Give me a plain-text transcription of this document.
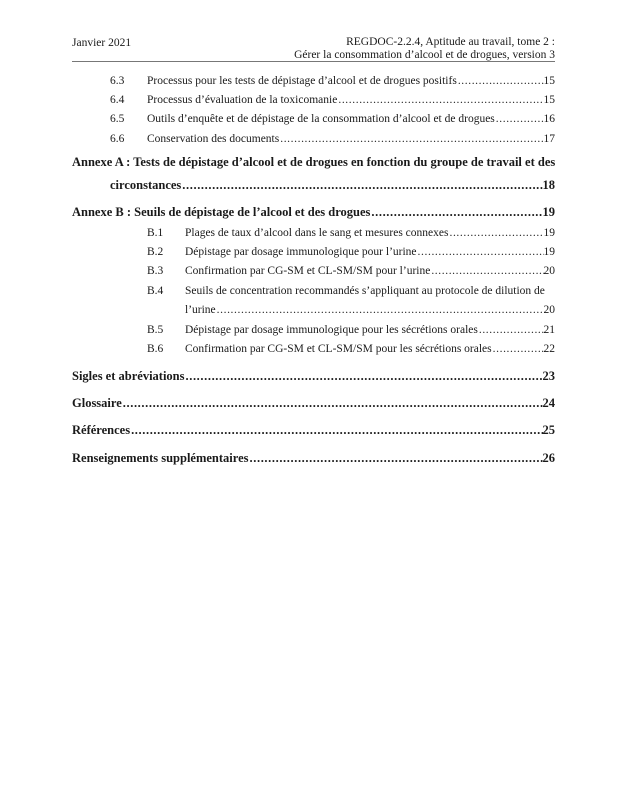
Janvier 2021	REGDOC-2.2.4, Aptitude au travail, tome 2 :
Gérer la consommation d’alcool et de drogues, version 3
6.3 Processus pour les tests de dépistage d’alcool et de drogues positifs .....	15
6.4 Processus d’évaluation de la toxicomanie .....	15
6.5 Outils d’enquête et de dépistage de la consommation d’alcool et de drogues .....	16
6.6 Conservation des documents .....	17
Annexe A : Tests de dépistage d’alcool et de drogues en fonction du groupe de travail et des
circonstances .....	18
Annexe B : Seuils de dépistage de l’alcool et des drogues .....	19
B.1 Plages de taux d’alcool dans le sang et mesures connexes .....	19
B.2 Dépistage par dosage immunologique pour l’urine .....	19
B.3 Confirmation par CG-SM et CL-SM/SM pour l’urine .....	20
B.4 Seuils de concentration recommandés s’appliquant au protocole de dilution de
l’urine .....	20
B.5 Dépistage par dosage immunologique pour les sécrétions orales .....	21
B.6 Confirmation par CG-SM et CL-SM/SM pour les sécrétions orales .....	22
Sigles et abréviations .....	23
Glossaire .....	24
Références .....	25
Renseignements supplémentaires .....	26
